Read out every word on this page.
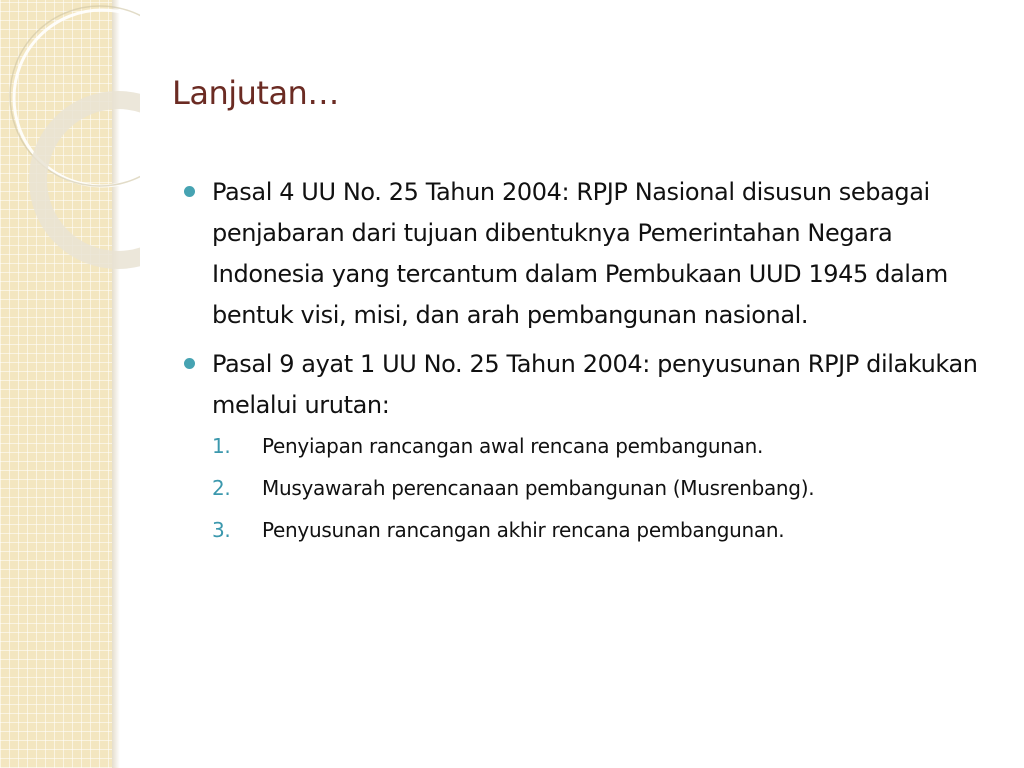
Lanjutan…
Pasal 4 UU No. 25 Tahun 2004: RPJP Nasional disusun sebagai penjabaran dari tujuan dibentuknya Pemerintahan Negara Indonesia yang tercantum dalam Pembukaan UUD 1945 dalam bentuk visi, misi, dan arah pembangunan nasional.
Pasal 9 ayat 1 UU No. 25 Tahun 2004: penyusunan RPJP dilakukan melalui urutan:
1. Penyiapan rancangan awal rencana pembangunan.
2. Musyawarah perencanaan pembangunan (Musrenbang).
3. Penyusunan rancangan akhir rencana pembangunan.
